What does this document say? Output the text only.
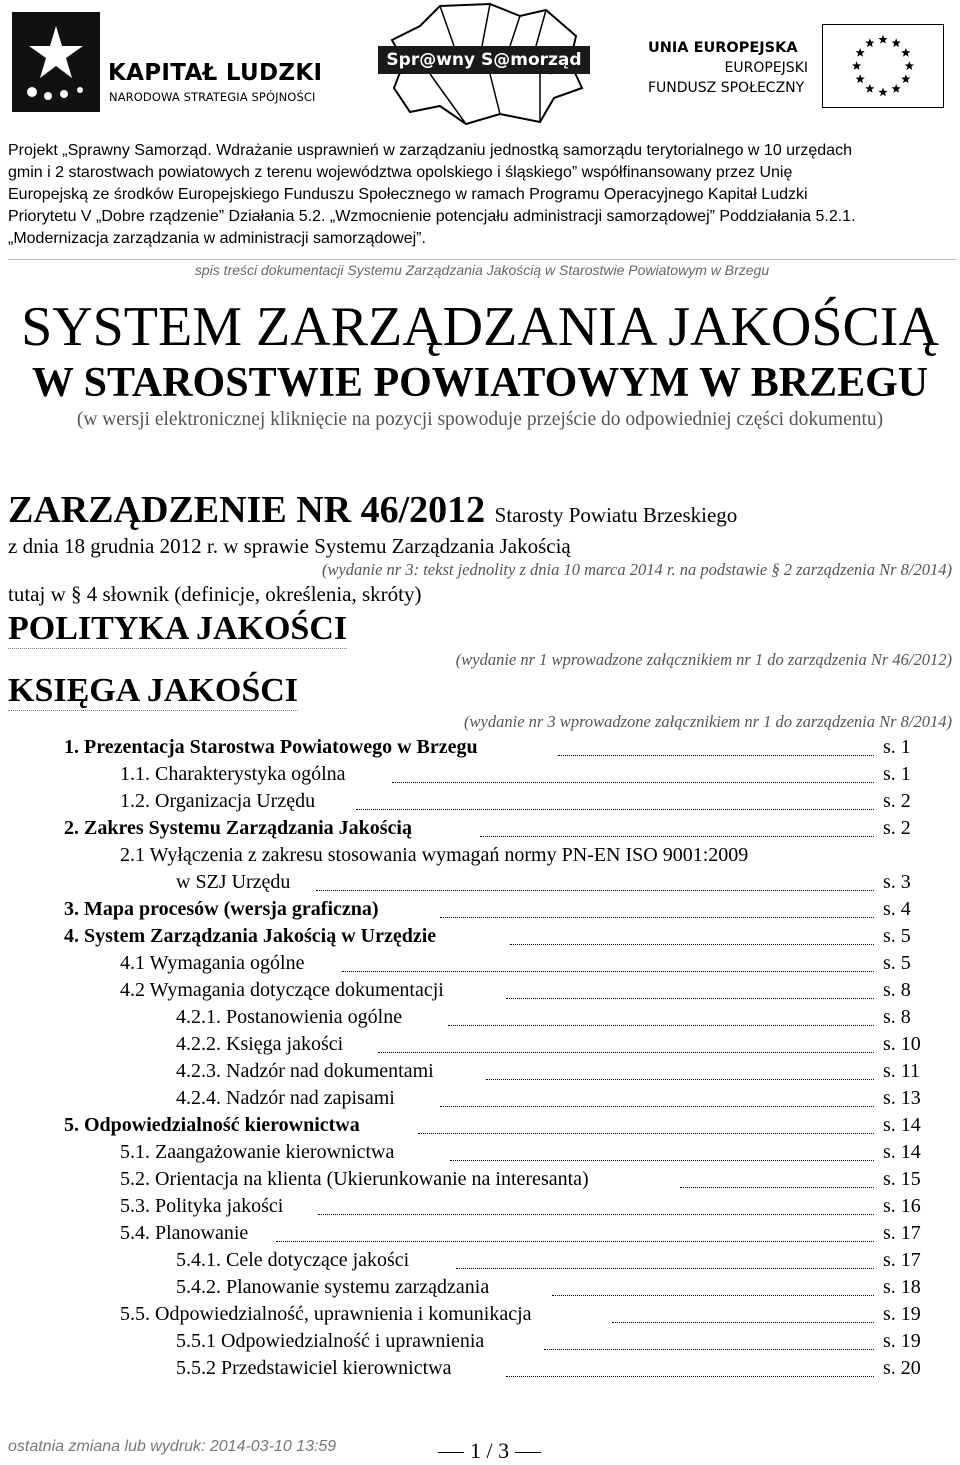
KAPITAŁ LUDZKI
NARODOWA STRATEGIA SPÓJNOŚCI
Spr@wny S@morząd
UNIA EUROPEJSKA
EUROPEJSKI
FUNDUSZ SPOŁECZNY
Projekt „Sprawny Samorząd. Wdrażanie usprawnień w zarządzaniu jednostką samorządu terytorialnego w 10 urzędach
gmin i 2 starostwach powiatowych z terenu województwa opolskiego i śląskiego” współfinansowany przez Unię
Europejską ze środków Europejskiego Funduszu Społecznego w ramach Programu Operacyjnego Kapitał Ludzki
Priorytetu V „Dobre rządzenie” Działania 5.2. „Wzmocnienie potencjału administracji samorządowej” Poddziałania 5.2.1.
„Modernizacja zarządzania w administracji samorządowej”.
spis treści dokumentacji Systemu Zarządzania Jakością w Starostwie Powiatowym w Brzegu
SYSTEM ZARZĄDZANIA JAKOŚCIĄ
W STAROSTWIE POWIATOWYM W BRZEGU
(w wersji elektronicznej kliknięcie na pozycji spowoduje przejście do odpowiedniej części dokumentu)
ZARZĄDZENIE NR 46/2012 Starosty Powiatu Brzeskiego
z dnia 18 grudnia 2012 r. w sprawie Systemu Zarządzania Jakością
(wydanie nr 3: tekst jednolity z dnia 10 marca 2014 r. na podstawie § 2 zarządzenia Nr 8/2014)
tutaj w § 4 słownik (definicje, określenia, skróty)
POLITYKA JAKOŚCI
(wydanie nr 1 wprowadzone załącznikiem nr 1 do zarządzenia Nr 46/2012)
KSIĘGA JAKOŚCI
(wydanie nr 3 wprowadzone załącznikiem nr 1 do zarządzenia Nr 8/2014)
1. Prezentacja Starostwa Powiatowego w Brzegu	s. 1
1.1. Charakterystyka ogólna	s. 1
1.2. Organizacja Urzędu	s. 2
2. Zakres Systemu Zarządzania Jakością	s. 2
2.1 Wyłączenia z zakresu stosowania wymagań normy PN-EN ISO 9001:2009
w SZJ Urzędu	s. 3
3. Mapa procesów (wersja graficzna)	s. 4
4. System Zarządzania Jakością w Urzędzie	s. 5
4.1 Wymagania ogólne	s. 5
4.2 Wymagania dotyczące dokumentacji	s. 8
4.2.1. Postanowienia ogólne	s. 8
4.2.2. Księga jakości	s. 10
4.2.3. Nadzór nad dokumentami	s. 11
4.2.4. Nadzór nad zapisami	s. 13
5. Odpowiedzialność kierownictwa	s. 14
5.1. Zaangażowanie kierownictwa	s. 14
5.2. Orientacja na klienta (Ukierunkowanie na interesanta)	s. 15
5.3. Polityka jakości	s. 16
5.4. Planowanie	s. 17
5.4.1. Cele dotyczące jakości	s. 17
5.4.2. Planowanie systemu zarządzania	s. 18
5.5. Odpowiedzialność, uprawnienia i komunikacja	s. 19
5.5.1 Odpowiedzialność i uprawnienia	s. 19
5.5.2 Przedstawiciel kierownictwa	s. 20
ostatnia zmiana lub wydruk: 2014-03-10 13:59	1 / 3
